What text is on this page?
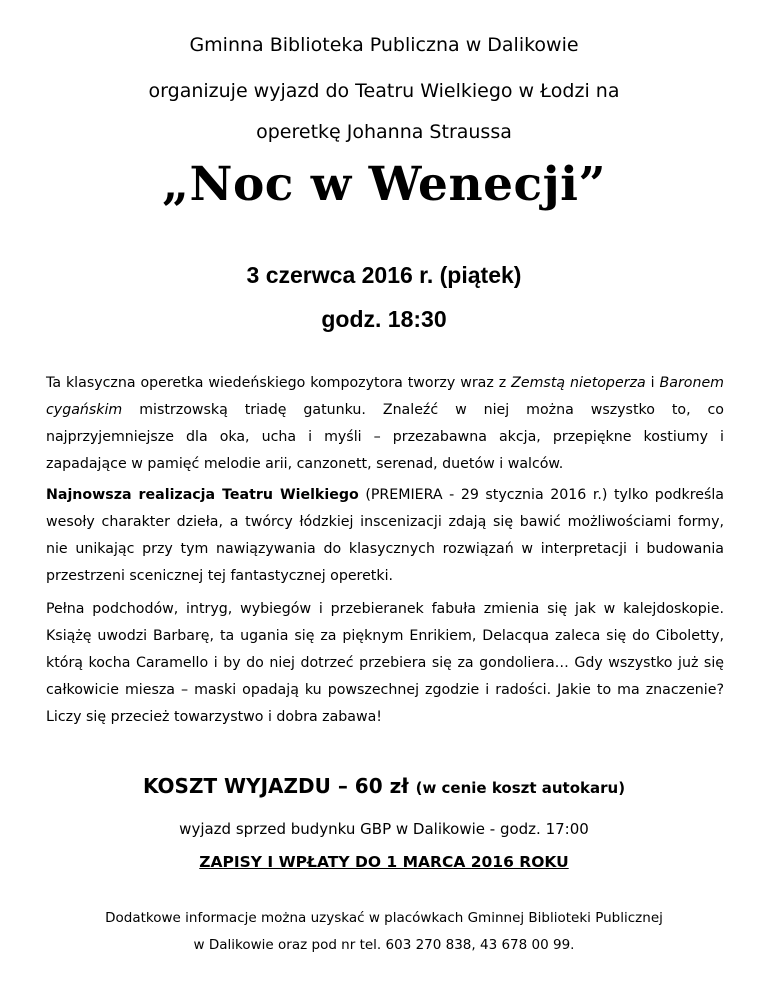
Gminna Biblioteka Publiczna w Dalikowie
organizuje wyjazd do Teatru Wielkiego w Łodzi na
operetkę Johanna Straussa
„Noc w Wenecji”
3 czerwca 2016 r. (piątek)
godz. 18:30
Ta klasyczna operetka wiedeńskiego kompozytora tworzy wraz z Zemstą nietoperza i Baronem cygańskim mistrzowską triadę gatunku. Znaleźć w niej można wszystko to, co najprzyjemniejsze dla oka, ucha i myśli – przezabawna akcja, przepiękne kostiumy i zapadające w pamięć melodie arii, canzonett, serenad, duetów i walców.
Najnowsza realizacja Teatru Wielkiego (PREMIERA - 29 stycznia 2016 r.) tylko podkreśla wesoły charakter dzieła, a twórcy łódzkiej inscenizacji zdają się bawić możliwościami formy, nie unikając przy tym nawiązywania do klasycznych rozwiązań w interpretacji i budowania przestrzeni scenicznej tej fantastycznej operetki.
Pełna podchodów, intryg, wybiegów i przebieranek fabuła zmienia się jak w kalejdoskopie. Książę uwodzi Barbarę, ta ugania się za pięknym Enrikiem, Delacqua zaleca się do Ciboletty, którą kocha Caramello i by do niej dotrzeć przebiera się za gondoliera… Gdy wszystko już się całkowicie miesza – maski opadają ku powszechnej zgodzie i radości. Jakie to ma znaczenie? Liczy się przecież towarzystwo i dobra zabawa!
KOSZT WYJAZDU – 60 zł (w cenie koszt autokaru)
wyjazd sprzed budynku GBP w Dalikowie - godz. 17:00
ZAPISY I WPŁATY DO 1 MARCA 2016 ROKU
Dodatkowe informacje można uzyskać w placówkach Gminnej Biblioteki Publicznej
w Dalikowie oraz pod nr tel. 603 270 838, 43 678 00 99.
